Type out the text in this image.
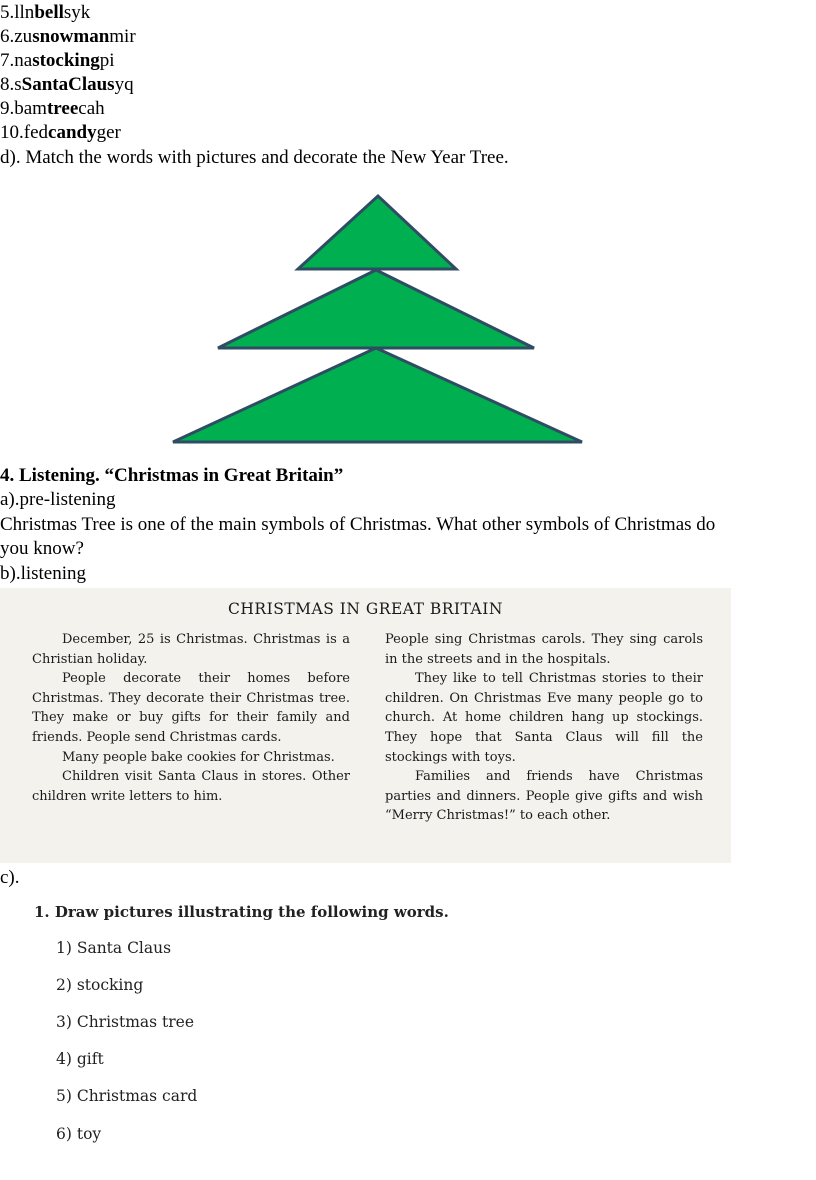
5.llnbellsyk
6.zusnowmanmir
7.nastockingpi
8.sSantaClausyq
9.bamtreecah
10.fedcandyger
d). Match the words with pictures and decorate the New Year Tree.
4. Listening. “Christmas in Great Britain”
a).pre-listening
Christmas Tree is one of the main symbols of Christmas. What other symbols of Christmas do
you know?
b).listening
CHRISTMAS IN GREAT BRITAIN

December, 25 is Christmas. Christmas is a Christian holiday.

People decorate their homes before Christmas. They decorate their Christmas tree. They make or buy gifts for their family and friends. People send Christmas cards.

Many people bake cookies for Christmas.

Children visit Santa Claus in stores. Other children write letters to him.

People sing Christmas carols. They sing carols in the streets and in the hospitals.

They like to tell Christmas stories to their children. On Christmas Eve many people go to church. At home children hang up stockings. They hope that Santa Claus will fill the stockings with toys.

Families and friends have Christmas parties and dinners. People give gifts and wish “Merry Christmas!” to each other.

c).
1. Draw pictures illustrating the following words.
1) Santa Claus
2) stocking
3) Christmas tree
4) gift
5) Christmas card
6) toy
